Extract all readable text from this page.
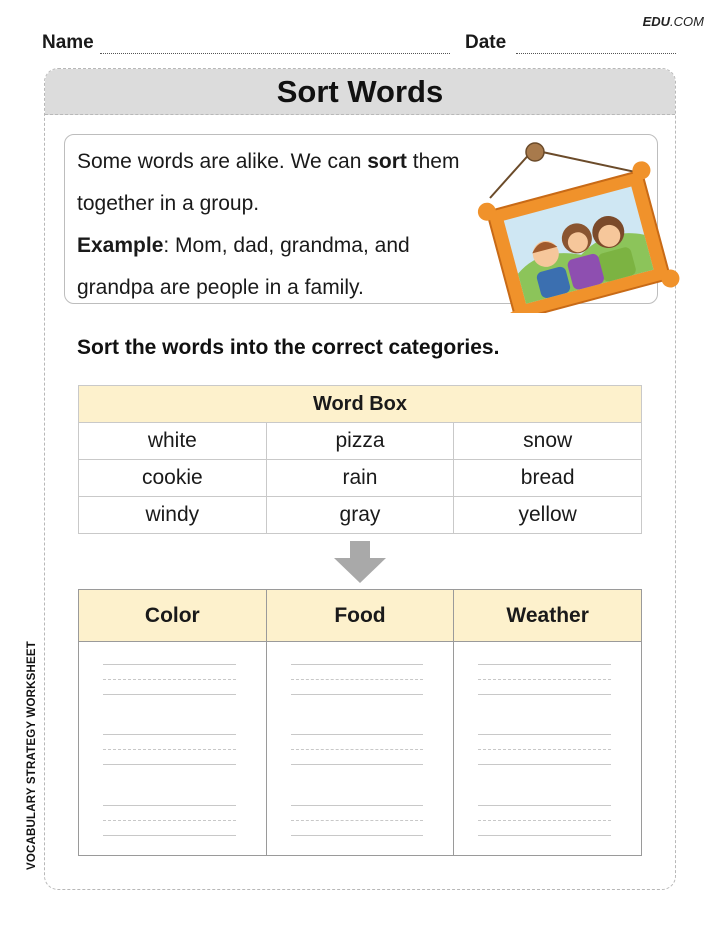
EDU.COM
Name	Date
Sort Words
Some words are alike. We can sort them
together in a group.
Example: Mom, dad, grandma, and
grandpa are people in a family.
Sort the words into the correct categories.
Word Box		
white	pizza	snow
cookie	rain	bread
windy	gray	yellow
Color	Food	Weather

VOCABULARY STRATEGY WORKSHEET
